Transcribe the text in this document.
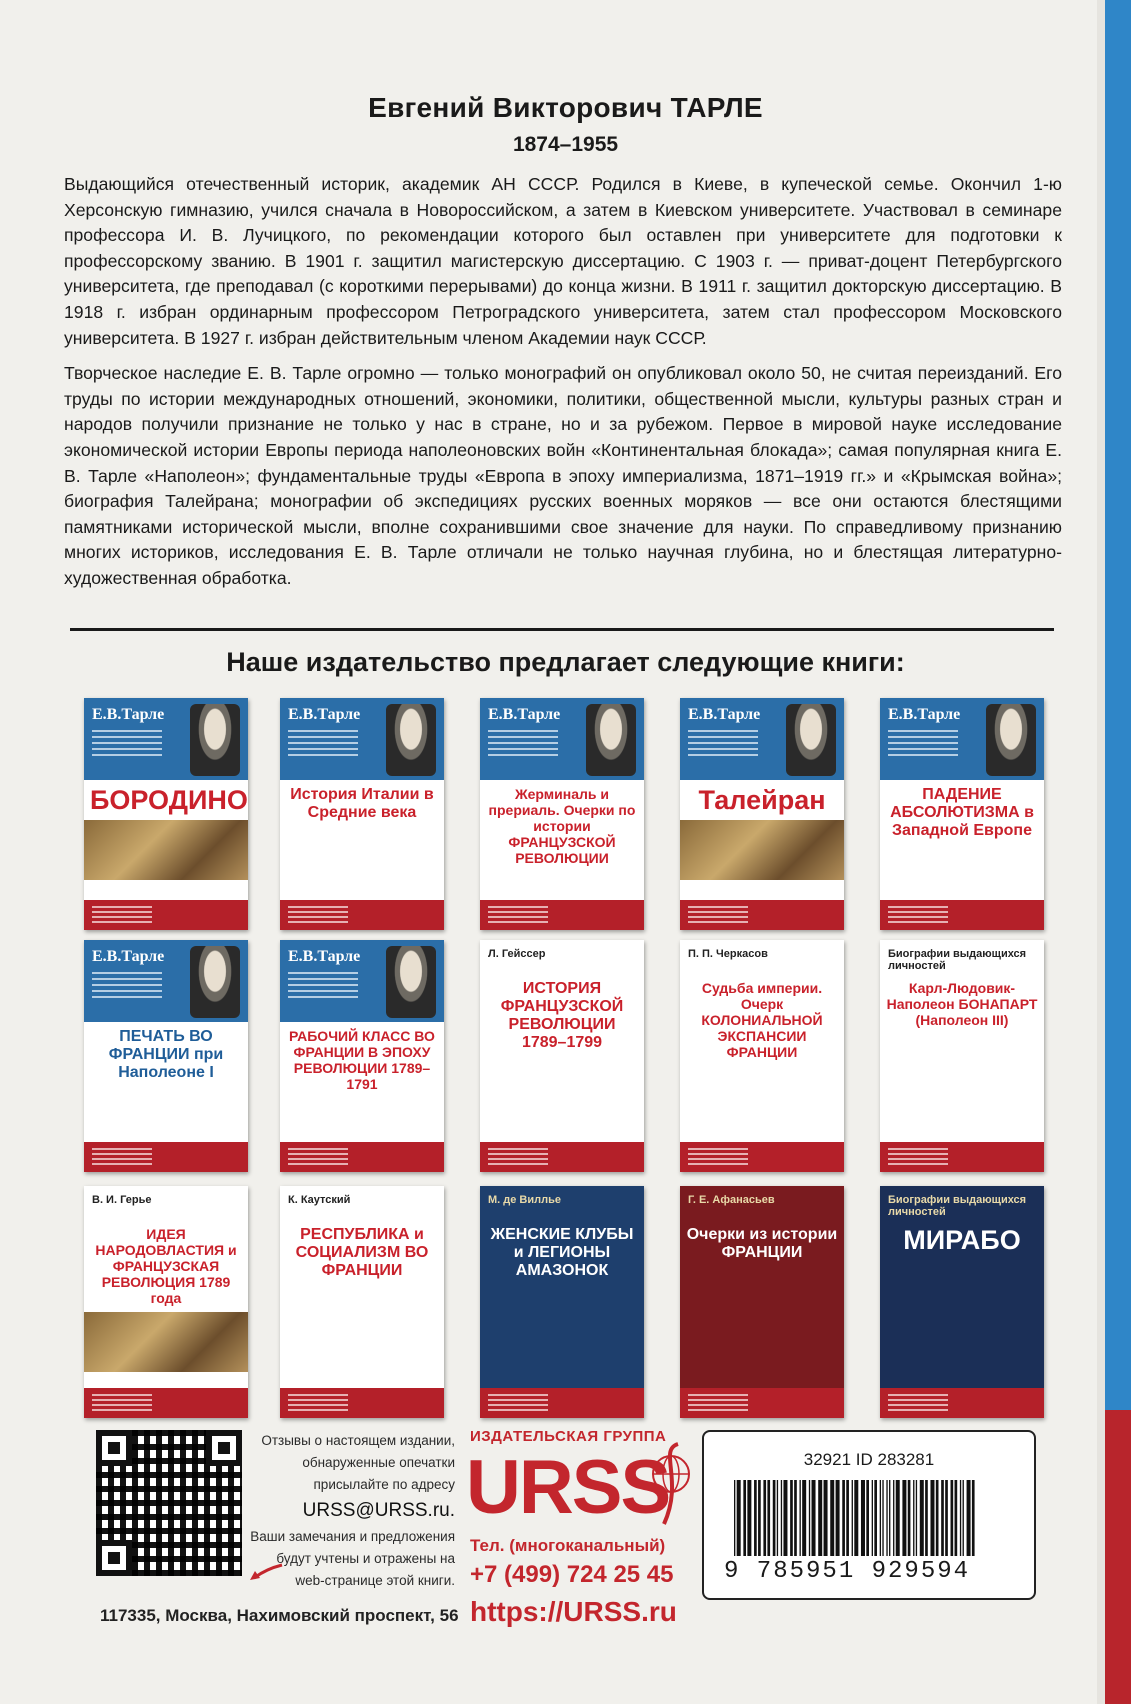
Евгений Викторович ТАРЛЕ
1874–1955

Выдающийся отечественный историк, академик АН СССР. Родился в Киеве, в купеческой семье. Окончил 1-ю Херсонскую гимназию, учился сначала в Новороссийском, а затем в Киевском университете. Участвовал в семинаре профессора И. В. Лучицкого, по рекомендации которого был оставлен при университете для подготовки к профессорскому званию. В 1901 г. защитил магистерскую диссертацию. С 1903 г. — приват-доцент Петербургского университета, где преподавал (с короткими перерывами) до конца жизни. В 1911 г. защитил докторскую диссертацию. В 1918 г. избран ординарным профессором Петроградского университета, затем стал профессором Московского университета. В 1927 г. избран действительным членом Академии наук СССР.

Творческое наследие Е. В. Тарле огромно — только монографий он опубликовал около 50, не считая переизданий. Его труды по истории международных отношений, экономики, политики, общественной мысли, культуры разных стран и народов получили признание не только у нас в стране, но и за рубежом. Первое в мировой науке исследование экономической истории Европы периода наполеоновских войн «Континентальная блокада»; самая популярная книга Е. В. Тарле «Наполеон»; фундаментальные труды «Европа в эпоху империализма, 1871–1919 гг.» и «Крымская война»; биография Талейрана; монографии об экспедициях русских военных моряков — все они остаются блестящими памятниками исторической мысли, вполне сохранившими свое значение для науки. По справедливому признанию многих историков, исследования Е. В. Тарле отличали не только научная глубина, но и блестящая литературно-художественная обработка.

Наше издательство предлагает следующие книги:
Е.В.Тарле
БОРОДИНО
Е.В.Тарле
История Италии в Средние века
Е.В.Тарле
Жерминаль и прериаль. Очерки по истории ФРАНЦУЗСКОЙ РЕВОЛЮЦИИ
Е.В.Тарле
Талейран
Е.В.Тарле
ПАДЕНИЕ АБСОЛЮТИЗМА в Западной Европе
Е.В.Тарле
ПЕЧАТЬ ВО ФРАНЦИИ при Наполеоне I
Е.В.Тарле
РАБОЧИЙ КЛАСС ВО ФРАНЦИИ В ЭПОХУ РЕВОЛЮЦИИ 1789–1791
Л. Гейссер
ИСТОРИЯ ФРАНЦУЗСКОЙ РЕВОЛЮЦИИ 1789–1799
П. П. Черкасов
Судьба империи. Очерк КОЛОНИАЛЬНОЙ ЭКСПАНСИИ ФРАНЦИИ
Биографии выдающихся личностей
Карл-Людовик-Наполеон БОНАПАРТ (Наполеон III)
В. И. Герье
ИДЕЯ НАРОДОВЛАСТИЯ и ФРАНЦУЗСКАЯ РЕВОЛЮЦИЯ 1789 года
К. Каутский
РЕСПУБЛИКА и СОЦИАЛИЗМ ВО ФРАНЦИИ
М. де Виллье
ЖЕНСКИЕ КЛУБЫ и ЛЕГИОНЫ АМАЗОНОК
Г. Е. Афанасьев
Очерки из истории ФРАНЦИИ
Биографии выдающихся личностей
МИРАБО
Отзывы о настоящем издании,
обнаруженные опечатки
присылайте по адресу
URSS@URSS.ru.
Ваши замечания и предложения
будут учтены и отражены на
web-странице этой книги.
117335, Москва, Нахимовский проспект, 56
ИЗДАТЕЛЬСКАЯ ГРУППА
URSS
Тел. (многоканальный)
+7 (499) 724 25 45
https://URSS.ru
32921 ID 283281
9 785951 929594
